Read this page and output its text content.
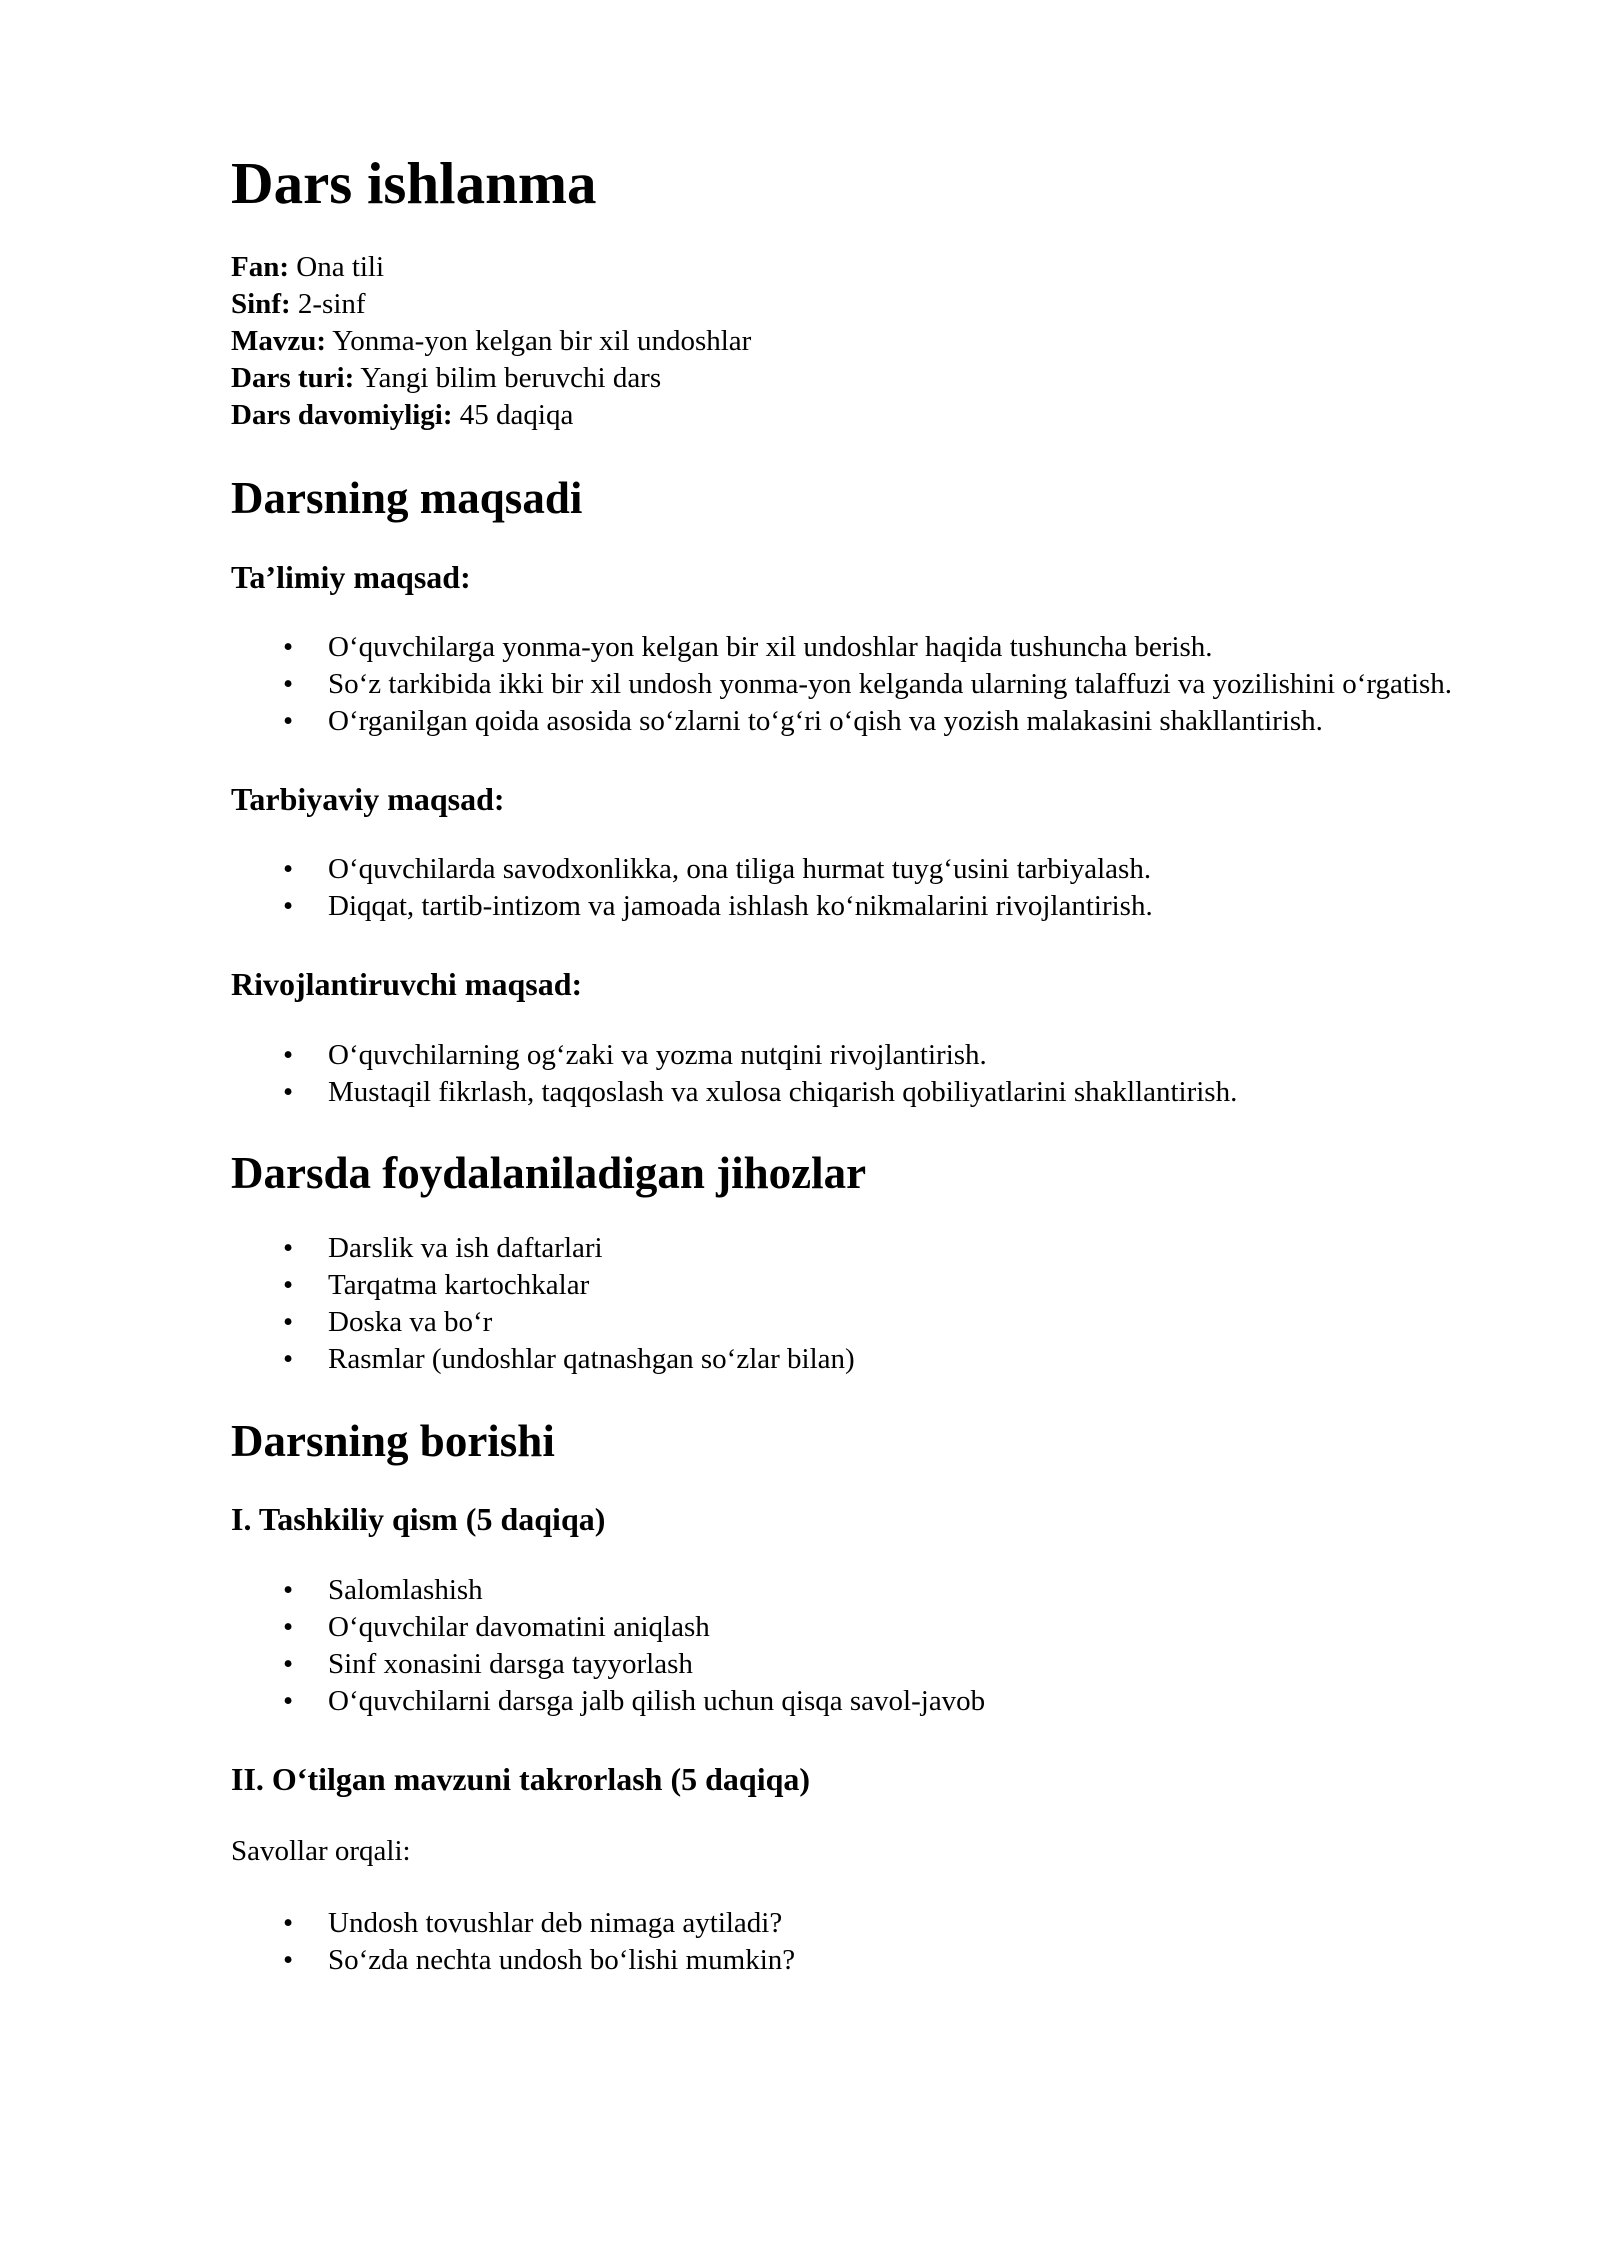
Dars ishlanma
Fan: Ona tili
Sinf: 2-sinf
Mavzu: Yonma-yon kelgan bir xil undoshlar
Dars turi: Yangi bilim beruvchi dars
Dars davomiyligi: 45 daqiqa
Darsning maqsadi
Ta’limiy maqsad:
• O‘quvchilarga yonma-yon kelgan bir xil undoshlar haqida tushuncha berish.
• So‘z tarkibida ikki bir xil undosh yonma-yon kelganda ularning talaffuzi va yozilishini o‘rgatish.
• O‘rganilgan qoida asosida so‘zlarni to‘g‘ri o‘qish va yozish malakasini shakllantirish.
Tarbiyaviy maqsad:
• O‘quvchilarda savodxonlikka, ona tiliga hurmat tuyg‘usini tarbiyalash.
• Diqqat, tartib-intizom va jamoada ishlash ko‘nikmalarini rivojlantirish.
Rivojlantiruvchi maqsad:
• O‘quvchilarning og‘zaki va yozma nutqini rivojlantirish.
• Mustaqil fikrlash, taqqoslash va xulosa chiqarish qobiliyatlarini shakllantirish.
Darsda foydalaniladigan jihozlar
• Darslik va ish daftarlari
• Tarqatma kartochkalar
• Doska va bo‘r
• Rasmlar (undoshlar qatnashgan so‘zlar bilan)
Darsning borishi
I. Tashkiliy qism (5 daqiqa)
• Salomlashish
• O‘quvchilar davomatini aniqlash
• Sinf xonasini darsga tayyorlash
• O‘quvchilarni darsga jalb qilish uchun qisqa savol-javob
II. O‘tilgan mavzuni takrorlash (5 daqiqa)

Savollar orqali:

• Undosh tovushlar deb nimaga aytiladi?
• So‘zda nechta undosh bo‘lishi mumkin?
